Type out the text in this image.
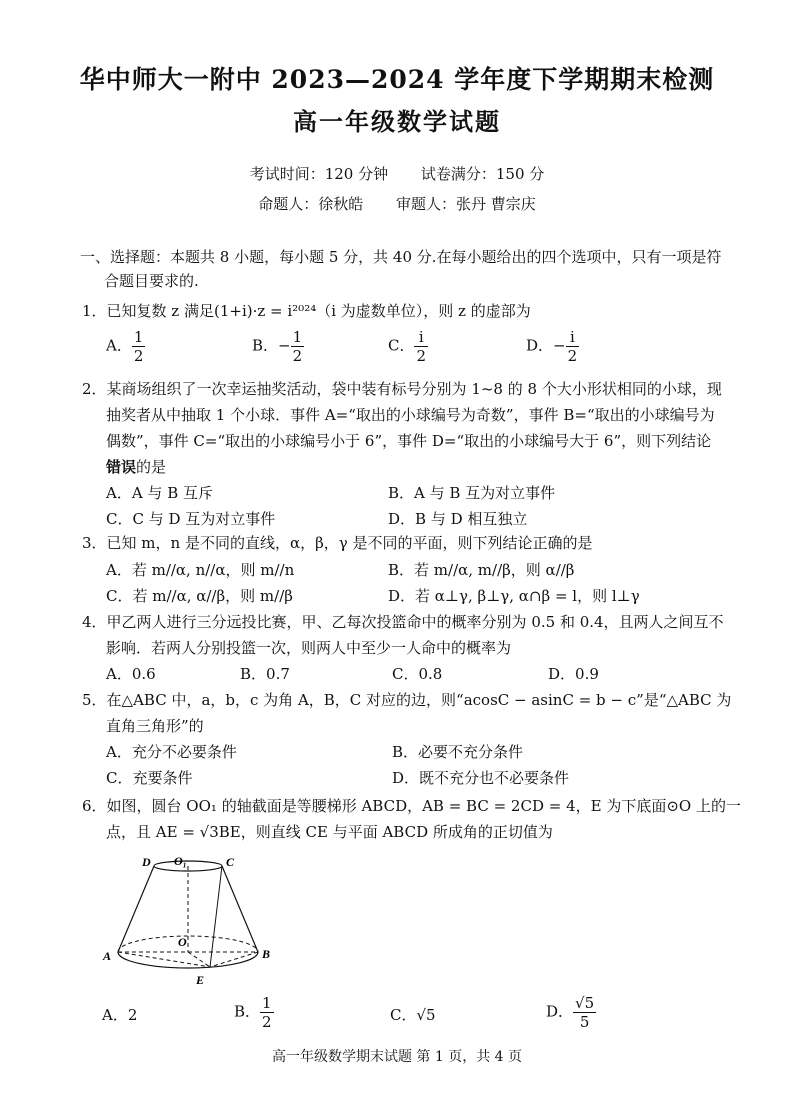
华中师大一附中 2023—2024 学年度下学期期末检测
高一年级数学试题
考试时间：120 分钟 试卷满分：150 分
命题人：徐秋皓 审题人：张丹 曹宗庆
一、选择题：本题共 8 小题，每小题 5 分，共 40 分.在每小题给出的四个选项中，只有一项是符
合题目要求的.
1．已知复数 z 满足(1+i)·z = i²⁰²⁴（i 为虚数单位），则 z 的虚部为
A． $\frac{1}{2}$	B．− $\frac{1}{2}$	C． $\frac{i}{2}$	D．− $\frac{i}{2}$
2．某商场组织了一次幸运抽奖活动，袋中装有标号分别为 1~8 的 8 个大小形状相同的小球，现
抽奖者从中抽取 1 个小球．事件 A=“取出的小球编号为奇数”，事件 B=“取出的小球编号为
偶数”，事件 C=“取出的小球编号小于 6”，事件 D=“取出的小球编号大于 6”，则下列结论
错误的是
A．A 与 B 互斥	B．A 与 B 互为对立事件
C．C 与 D 互为对立事件	D．B 与 D 相互独立
3．已知 m，n 是不同的直线，α，β，γ 是不同的平面，则下列结论正确的是
A．若 m//α, n//α，则 m//n	B．若 m//α, m//β，则 α//β
C．若 m//α, α//β，则 m//β	D．若 α⊥γ, β⊥γ, α∩β = l，则 l⊥γ
4．甲乙两人进行三分远投比赛，甲、乙每次投篮命中的概率分别为 0.5 和 0.4，且两人之间互不
影响．若两人分别投篮一次，则两人中至少一人命中的概率为
A．0.6	B．0.7	C．0.8	D．0.9
5．在△ABC 中，a，b，c 为角 A，B，C 对应的边，则“acosC − asinC = b − c”是“△ABC 为
直角三角形”的
A．充分不必要条件	B．必要不充分条件
C．充要条件	D．既不充分也不必要条件
6．如图，圆台 OO₁ 的轴截面是等腰梯形 ABCD，AB = BC = 2CD = 4，E 为下底面⊙O 上的一
点，且 AE = √3BE，则直线 CE 与平面 ABCD 所成角的正切值为
D O₁	C
O
A	B
E
A．2	B． $\frac{1}{2}$	C．√5	D． $\frac{√5}{5}$
高一年级数学期末试题 第 1 页，共 4 页
